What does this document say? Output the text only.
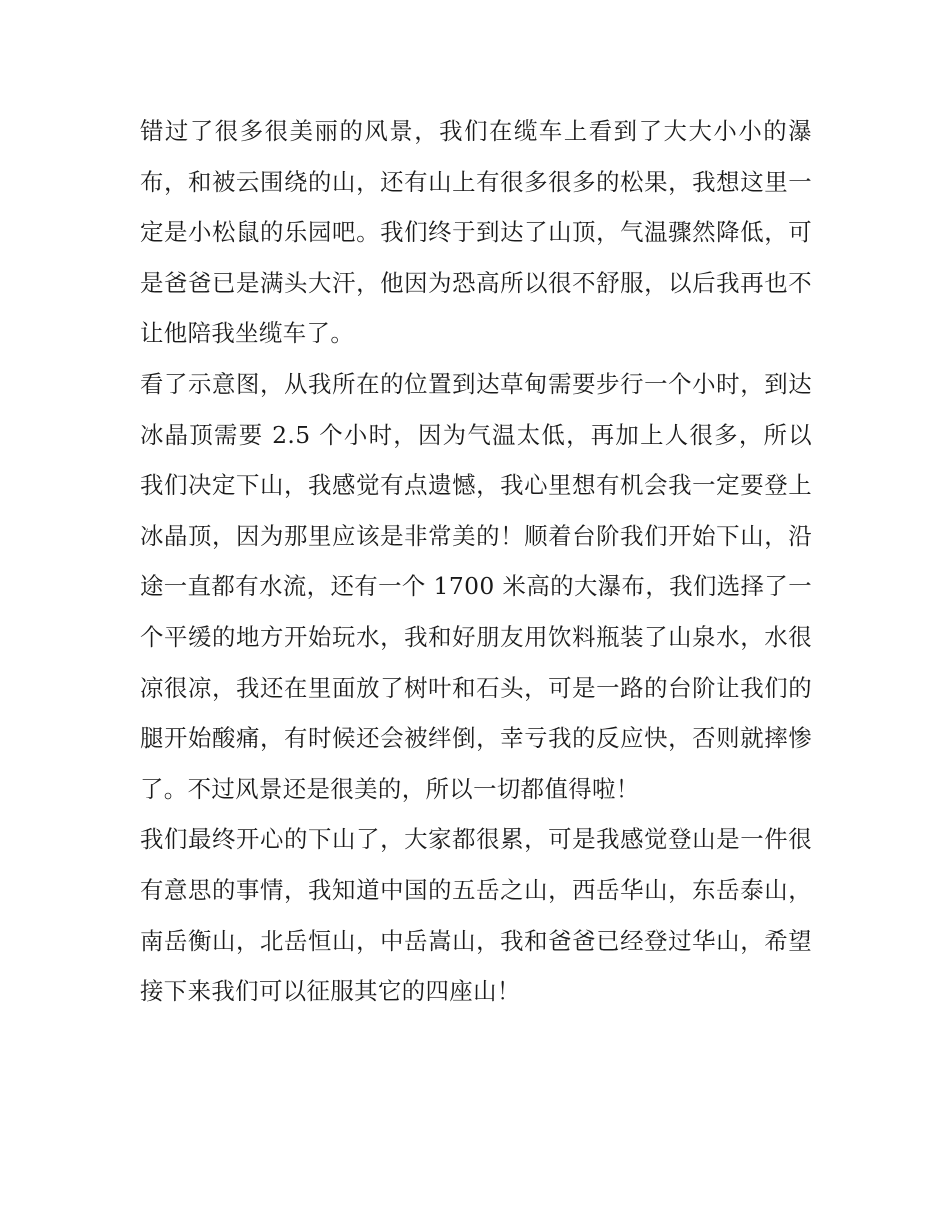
错过了很多很美丽的风景，我们在缆车上看到了大大小小的瀑布，和被云围绕的山，还有山上有很多很多的松果，我想这里一定是小松鼠的乐园吧。我们终于到达了山顶，气温骤然降低，可是爸爸已是满头大汗，他因为恐高所以很不舒服，以后我再也不让他陪我坐缆车了。

看了示意图，从我所在的位置到达草甸需要步行一个小时，到达冰晶顶需要 2.5 个小时，因为气温太低，再加上人很多，所以我们决定下山，我感觉有点遗憾，我心里想有机会我一定要登上冰晶顶，因为那里应该是非常美的！顺着台阶我们开始下山，沿途一直都有水流，还有一个 1700 米高的大瀑布，我们选择了一个平缓的地方开始玩水，我和好朋友用饮料瓶装了山泉水，水很凉很凉，我还在里面放了树叶和石头，可是一路的台阶让我们的腿开始酸痛，有时候还会被绊倒，幸亏我的反应快，否则就摔惨了。不过风景还是很美的，所以一切都值得啦！

我们最终开心的下山了，大家都很累，可是我感觉登山是一件很有意思的事情，我知道中国的五岳之山，西岳华山，东岳泰山，南岳衡山，北岳恒山，中岳嵩山，我和爸爸已经登过华山，希望接下来我们可以征服其它的四座山！
